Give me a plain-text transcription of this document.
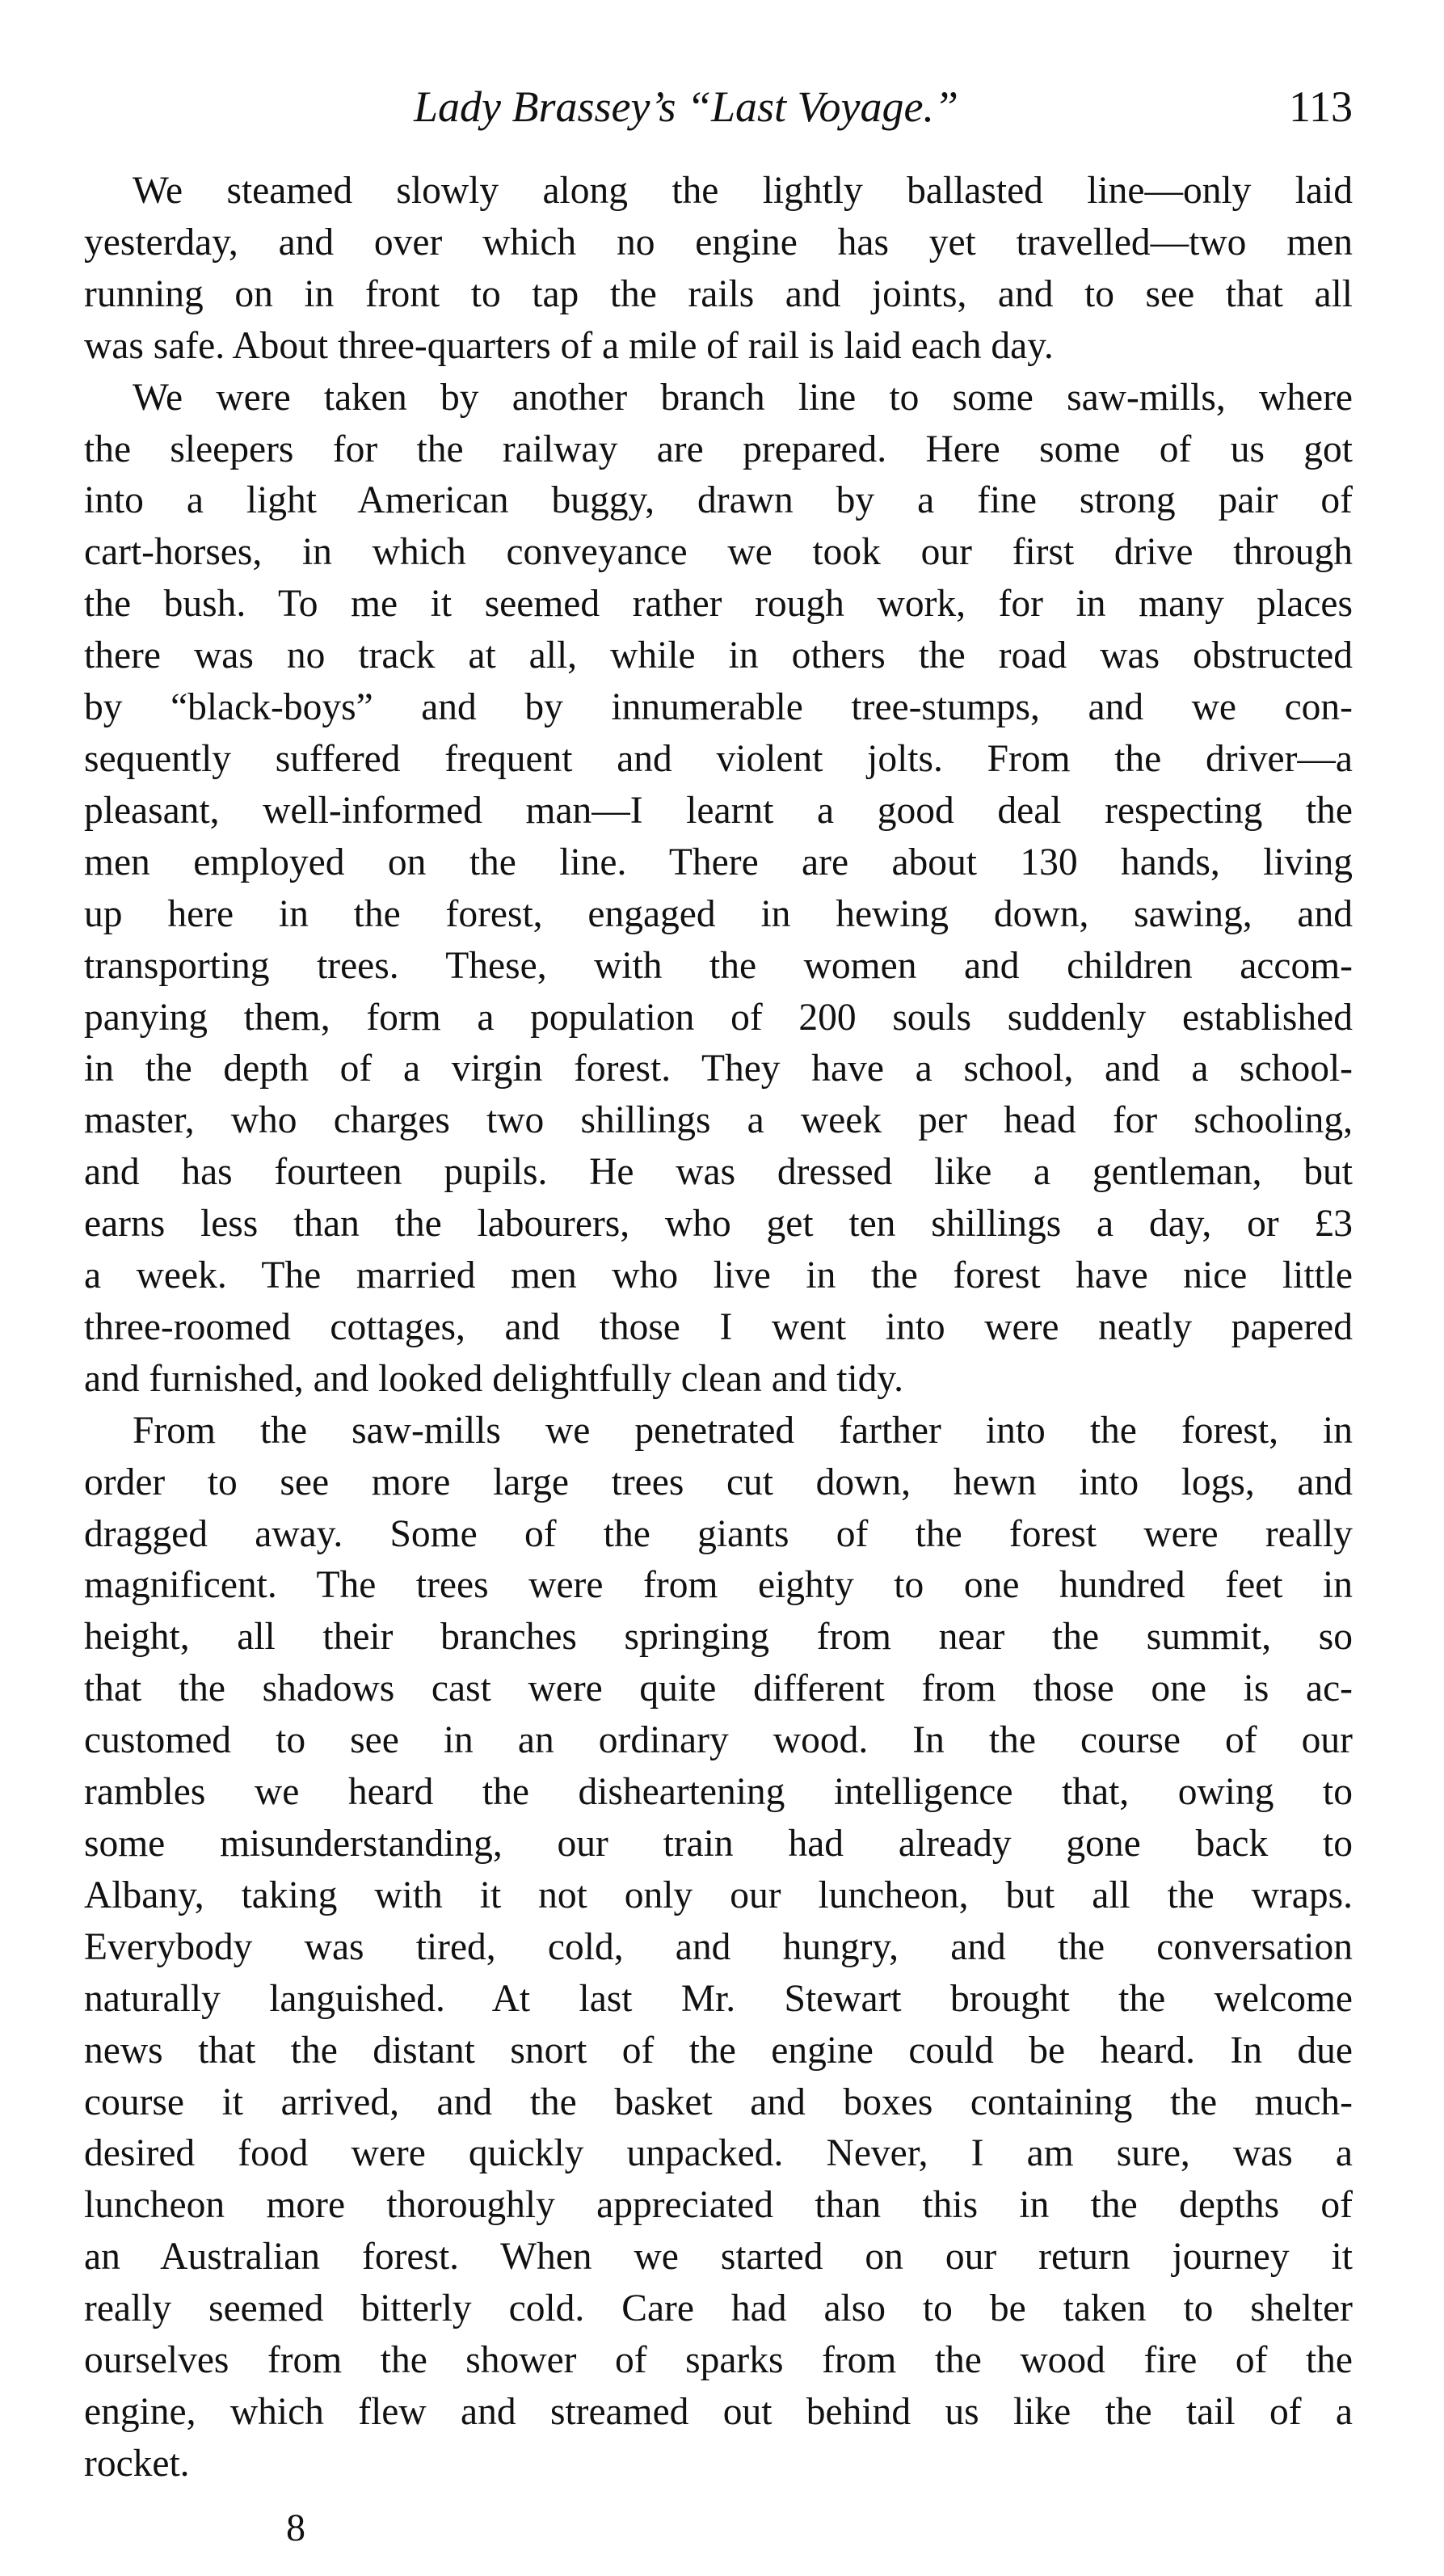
Lady Brassey’s “Last Voyage.”	113
We steamed slowly along the lightly ballasted line—only laid
yesterday, and over which no engine has yet travelled—two men
running on in front to tap the rails and joints, and to see that all
was safe. About three-quarters of a mile of rail is laid each day.
We were taken by another branch line to some saw-mills, where
the sleepers for the railway are prepared. Here some of us got
into a light American buggy, drawn by a fine strong pair of
cart-horses, in which conveyance we took our first drive through
the bush. To me it seemed rather rough work, for in many places
there was no track at all, while in others the road was obstructed
by “black-boys” and by innumerable tree-stumps, and we con-
sequently suffered frequent and violent jolts. From the driver—a
pleasant, well-informed man—I learnt a good deal respecting the
men employed on the line. There are about 130 hands, living
up here in the forest, engaged in hewing down, sawing, and
transporting trees. These, with the women and children accom-
panying them, form a population of 200 souls suddenly established
in the depth of a virgin forest. They have a school, and a school-
master, who charges two shillings a week per head for schooling,
and has fourteen pupils. He was dressed like a gentleman, but
earns less than the labourers, who get ten shillings a day, or £3
a week. The married men who live in the forest have nice little
three-roomed cottages, and those I went into were neatly papered
and furnished, and looked delightfully clean and tidy.
From the saw-mills we penetrated farther into the forest, in
order to see more large trees cut down, hewn into logs, and
dragged away. Some of the giants of the forest were really
magnificent. The trees were from eighty to one hundred feet in
height, all their branches springing from near the summit, so
that the shadows cast were quite different from those one is ac-
customed to see in an ordinary wood. In the course of our
rambles we heard the disheartening intelligence that, owing to
some misunderstanding, our train had already gone back to
Albany, taking with it not only our luncheon, but all the wraps.
Everybody was tired, cold, and hungry, and the conversation
naturally languished. At last Mr. Stewart brought the welcome
news that the distant snort of the engine could be heard. In due
course it arrived, and the basket and boxes containing the much-
desired food were quickly unpacked. Never, I am sure, was a
luncheon more thoroughly appreciated than this in the depths of
an Australian forest. When we started on our return journey it
really seemed bitterly cold. Care had also to be taken to shelter
ourselves from the shower of sparks from the wood fire of the
engine, which flew and streamed out behind us like the tail of a
rocket.
8
